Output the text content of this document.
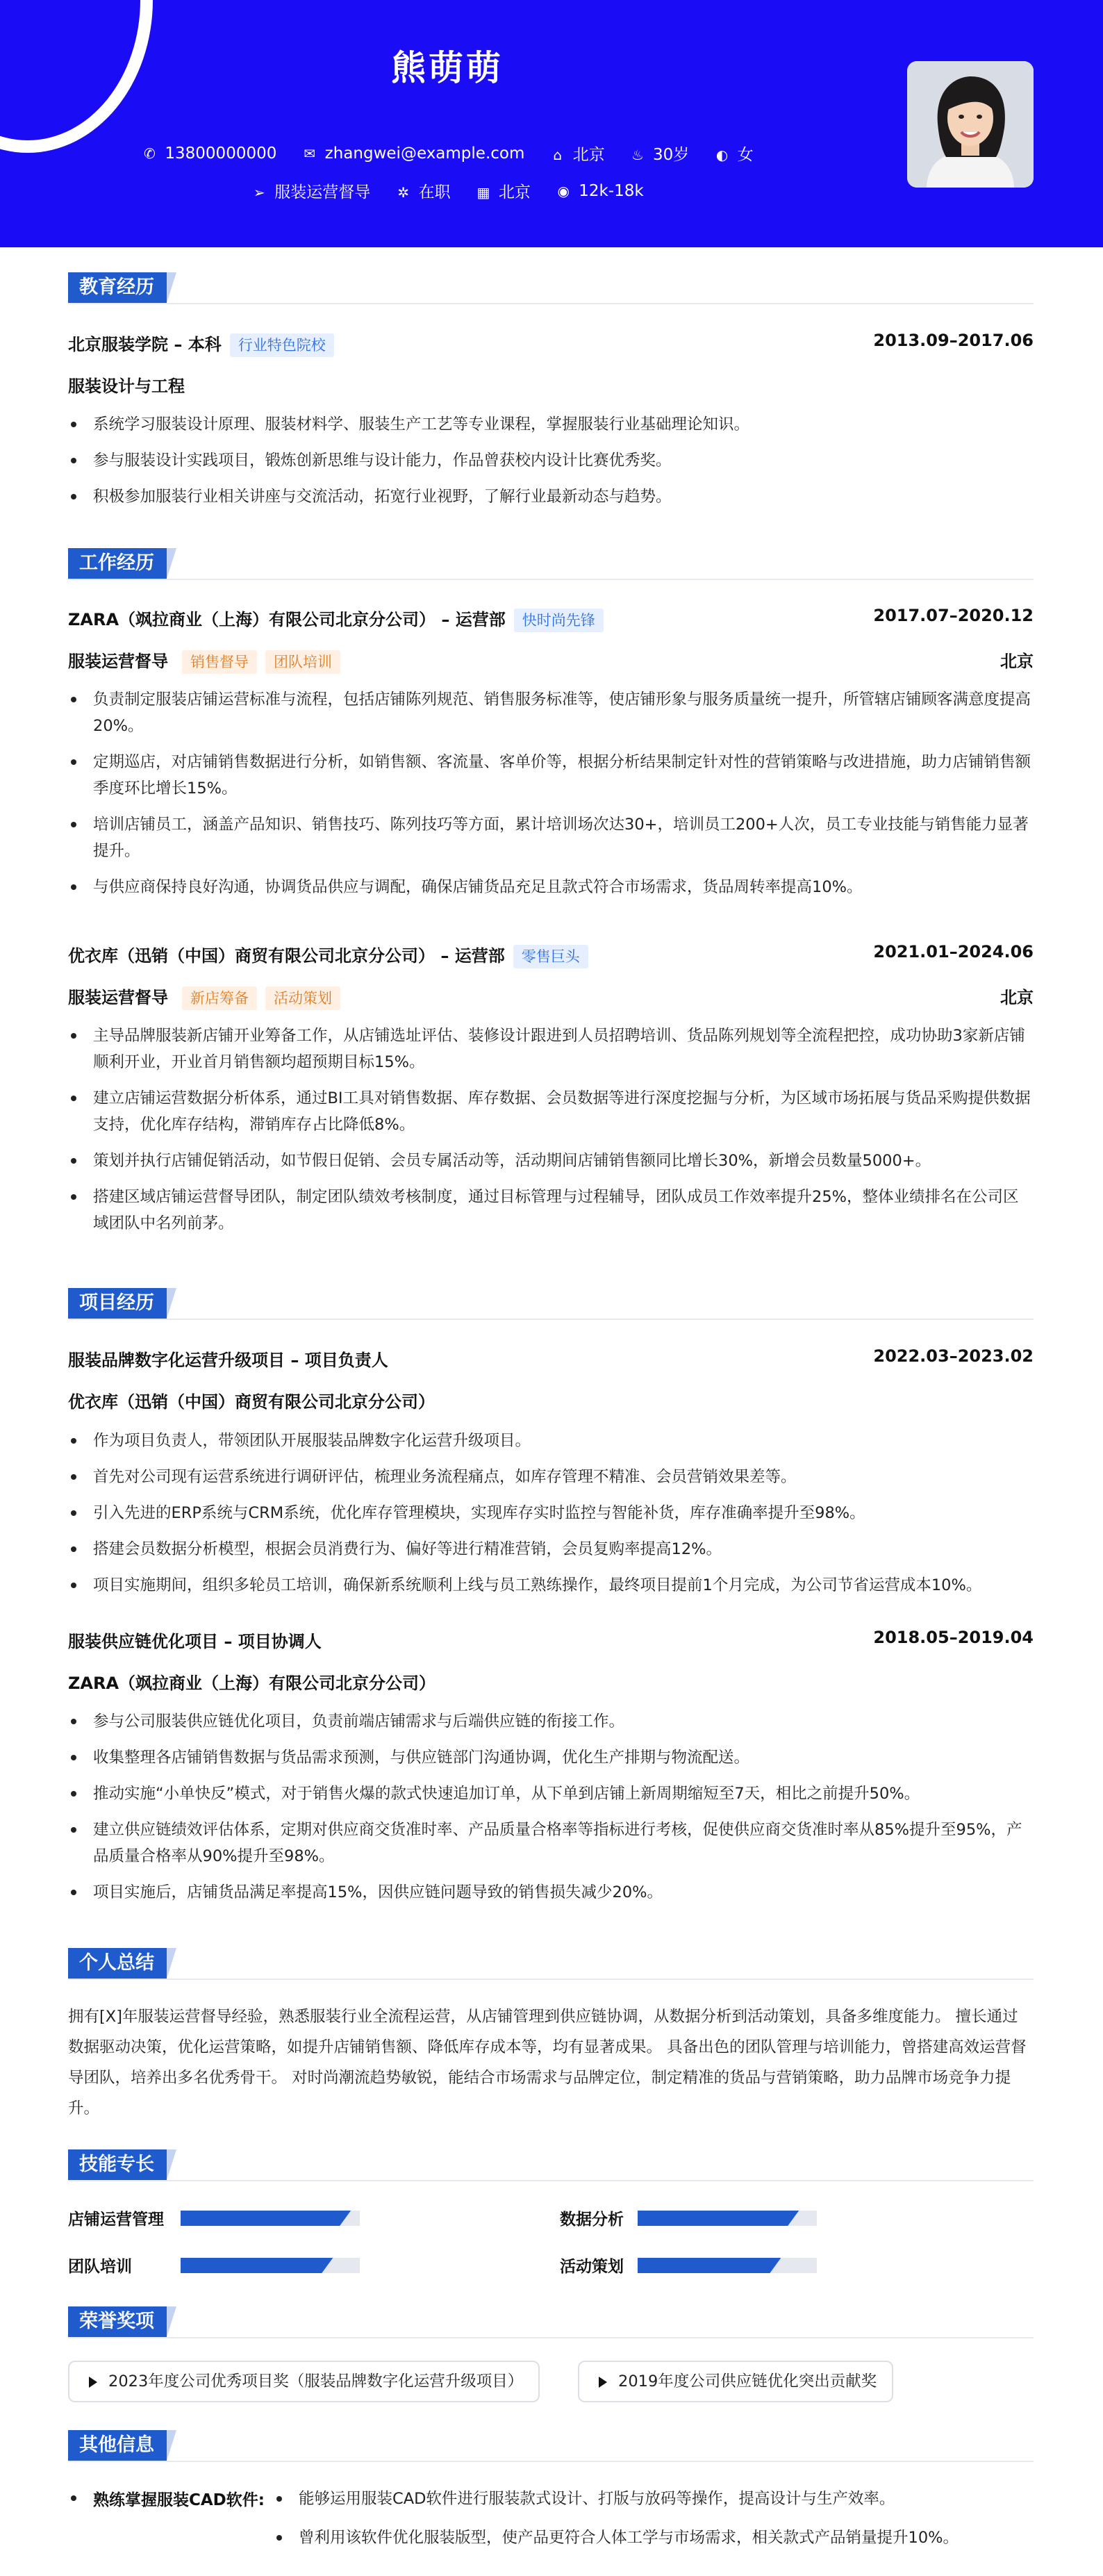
熊萌萌
✆ 13800000000 ✉ zhangwei@example.com ⌂ 北京 ♨ 30岁 ◐ 女
➢ 服装运营督导 ✲ 在职 ▦ 北京 ◉ 12k-18k
教育经历
北京服装学院 – 本科 行业特色院校	2013.09–2017.06
服装设计与工程
系统学习服装设计原理、服装材料学、服装生产工艺等专业课程，掌握服装行业基础理论知识。
参与服装设计实践项目，锻炼创新思维与设计能力，作品曾获校内设计比赛优秀奖。
积极参加服装行业相关讲座与交流活动，拓宽行业视野，了解行业最新动态与趋势。
工作经历
ZARA（飒拉商业（上海）有限公司北京分公司） – 运营部 快时尚先锋	2017.07–2020.12
服装运营督导 销售督导 团队培训	北京
负责制定服装店铺运营标准与流程，包括店铺陈列规范、销售服务标准等，使店铺形象与服务质量统一提升，所管辖店铺顾客满意度提高20%。
定期巡店，对店铺销售数据进行分析，如销售额、客流量、客单价等，根据分析结果制定针对性的营销策略与改进措施，助力店铺销售额季度环比增长15%。
培训店铺员工，涵盖产品知识、销售技巧、陈列技巧等方面，累计培训场次达30+，培训员工200+人次，员工专业技能与销售能力显著提升。
与供应商保持良好沟通，协调货品供应与调配，确保店铺货品充足且款式符合市场需求，货品周转率提高10%。
优衣库（迅销（中国）商贸有限公司北京分公司） – 运营部 零售巨头	2021.01–2024.06
服装运营督导 新店筹备 活动策划	北京
主导品牌服装新店铺开业筹备工作，从店铺选址评估、装修设计跟进到人员招聘培训、货品陈列规划等全流程把控，成功协助3家新店铺顺利开业，开业首月销售额均超预期目标15%。
建立店铺运营数据分析体系，通过BI工具对销售数据、库存数据、会员数据等进行深度挖掘与分析，为区域市场拓展与货品采购提供数据支持，优化库存结构，滞销库存占比降低8%。
策划并执行店铺促销活动，如节假日促销、会员专属活动等，活动期间店铺销售额同比增长30%，新增会员数量5000+。
搭建区域店铺运营督导团队，制定团队绩效考核制度，通过目标管理与过程辅导，团队成员工作效率提升25%，整体业绩排名在公司区域团队中名列前茅。
项目经历
服装品牌数字化运营升级项目 – 项目负责人	2022.03–2023.02
优衣库（迅销（中国）商贸有限公司北京分公司）
作为项目负责人，带领团队开展服装品牌数字化运营升级项目。
首先对公司现有运营系统进行调研评估，梳理业务流程痛点，如库存管理不精准、会员营销效果差等。
引入先进的ERP系统与CRM系统，优化库存管理模块，实现库存实时监控与智能补货，库存准确率提升至98%。
搭建会员数据分析模型，根据会员消费行为、偏好等进行精准营销，会员复购率提高12%。
项目实施期间，组织多轮员工培训，确保新系统顺利上线与员工熟练操作，最终项目提前1个月完成，为公司节省运营成本10%。
服装供应链优化项目 – 项目协调人	2018.05–2019.04
ZARA（飒拉商业（上海）有限公司北京分公司）
参与公司服装供应链优化项目，负责前端店铺需求与后端供应链的衔接工作。
收集整理各店铺销售数据与货品需求预测，与供应链部门沟通协调，优化生产排期与物流配送。
推动实施“小单快反”模式，对于销售火爆的款式快速追加订单，从下单到店铺上新周期缩短至7天，相比之前提升50%。
建立供应链绩效评估体系，定期对供应商交货准时率、产品质量合格率等指标进行考核，促使供应商交货准时率从85%提升至95%，产品质量合格率从90%提升至98%。
项目实施后，店铺货品满足率提高15%，因供应链问题导致的销售损失减少20%。
个人总结
拥有[X]年服装运营督导经验，熟悉服装行业全流程运营，从店铺管理到供应链协调，从数据分析到活动策划，具备多维度能力。 擅长通过数据驱动决策，优化运营策略，如提升店铺销售额、降低库存成本等，均有显著成果。 具备出色的团队管理与培训能力，曾搭建高效运营督导团队，培养出多名优秀骨干。 对时尚潮流趋势敏锐，能结合市场需求与品牌定位，制定精准的货品与营销策略，助力品牌市场竞争力提升。
技能专长
店铺运营管理	数据分析
团队培训	活动策划
荣誉奖项
2023年度公司优秀项目奖（服装品牌数字化运营升级项目）	2019年度公司供应链优化突出贡献奖
其他信息
熟练掌握服装CAD软件:	能够运用服装CAD软件进行服装款式设计、打版与放码等操作，提高设计与生产效率。
曾利用该软件优化服装版型，使产品更符合人体工学与市场需求，相关款式产品销量提升10%。
